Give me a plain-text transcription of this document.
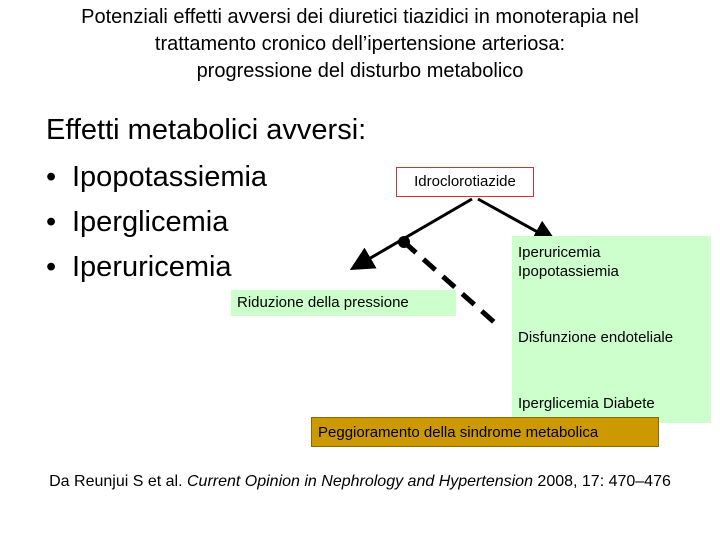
Potenziali effetti avversi dei diuretici tiazidici in monoterapia nel
trattamento cronico dell’ipertensione arteriosa:
progressione del disturbo metabolico
Effetti metabolici avversi:
• Ipopotassiemia
• Iperglicemia
• Iperuricemia
Idroclorotiazide
Riduzione della pressione
Iperuricemia
Ipopotassiemia
Disfunzione endoteliale
Iperglicemia Diabete
Peggioramento della sindrome metabolica
Da Reunjui S et al. Current Opinion in Nephrology and Hypertension 2008, 17: 470–476
